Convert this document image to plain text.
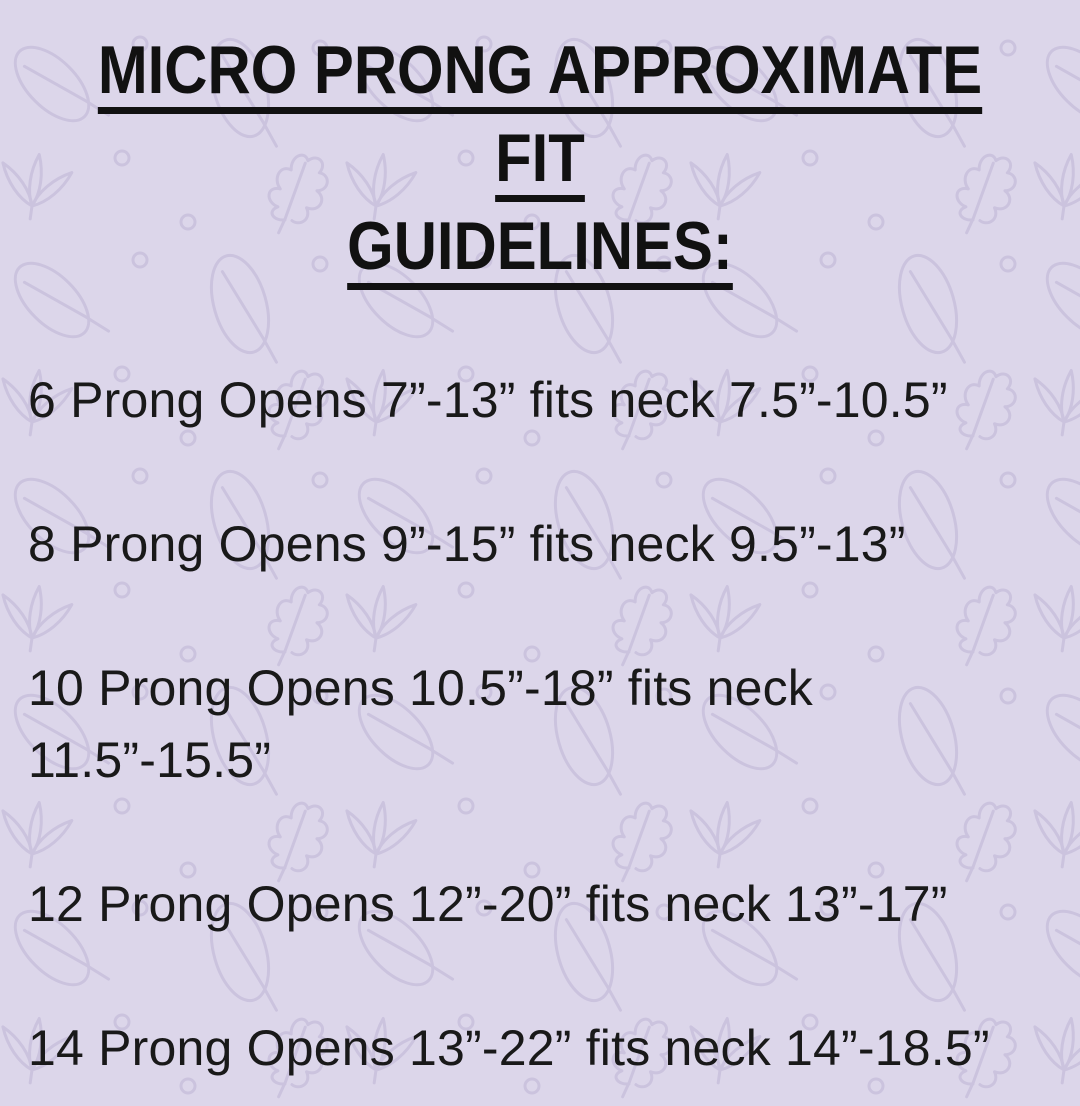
MICRO PRONG APPROXIMATE FIT
GUIDELINES:

6 Prong Opens 7”-13” fits neck 7.5”-10.5”

8 Prong Opens 9”-15” fits neck 9.5”-13”

10 Prong Opens 10.5”-18” fits neck 11.5”-15.5”

12 Prong Opens 12”-20” fits neck 13”-17”

14 Prong Opens 13”-22” fits neck 14”-18.5”
